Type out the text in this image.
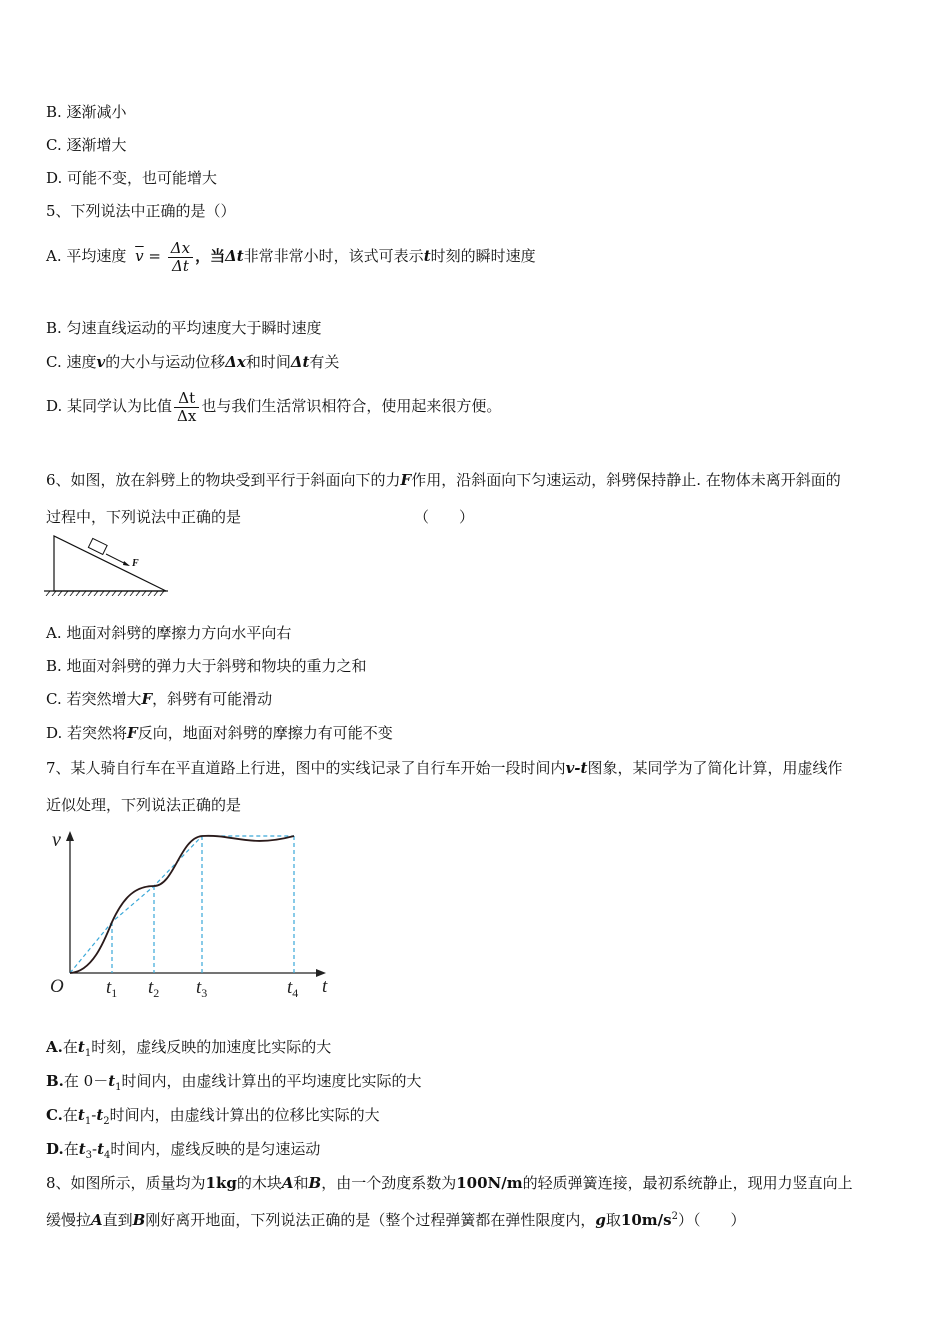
B. 逐渐减小
C. 逐渐增大
D. 可能不变，也可能增大
5、下列说法中正确的是（）
A. 平均速度 $\overline{v} = \frac{\Delta x}{\Delta t}$ ，当Δt非常非常小时，该式可表示t时刻的瞬时速度
B. 匀速直线运动的平均速度大于瞬时速度
C. 速度v的大小与运动位移Δx和时间Δt有关
D. 某同学认为比值 $\frac{\Delta t}{\Delta x}$ 也与我们生活常识相符合，使用起来很方便。
6、如图，放在斜劈上的物块受到平行于斜面向下的力F作用，沿斜面向下匀速运动，斜劈保持静止. 在物体未离开斜面的
过程中，下列说法中正确的是	（　　）
F
A. 地面对斜劈的摩擦力方向水平向右
B. 地面对斜劈的弹力大于斜劈和物块的重力之和
C. 若突然增大F，斜劈有可能滑动
D. 若突然将F反向，地面对斜劈的摩擦力有可能不变
7、某人骑自行车在平直道路上行进，图中的实线记录了自行车开始一段时间内v-t图象，某同学为了简化计算，用虚线作
近似处理，下列说法正确的是
v
t
O $t_1$ $t_2$ $t_3$	$t_4$
A.在$t_1$时刻，虚线反映的加速度比实际的大
B.在 $0-t_1$时间内，由虚线计算出的平均速度比实际的大
C.在$t_1-t_2$时间内，由虚线计算出的位移比实际的大
D.在$t_3-t_4$时间内，虚线反映的是匀速运动
8、如图所示，质量均为1kg的木块A和B，由一个劲度系数为100N/m的轻质弹簧连接，最初系统静止，现用力竖直向上
缓慢拉A直到B刚好离开地面，下列说法正确的是（整个过程弹簧都在弹性限度内，g取$10m/s^2$）（　　）
